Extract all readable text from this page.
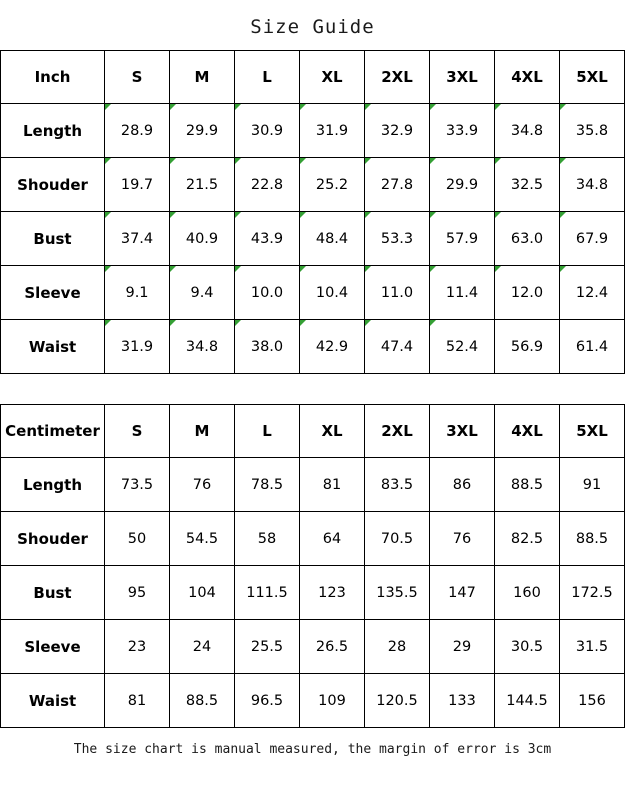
Size Guide
Inch	S	M	L	XL	2XL	3XL	4XL	5XL
Length	28.9	29.9	30.9	31.9	32.9	33.9	34.8	35.8
Shouder	19.7	21.5	22.8	25.2	27.8	29.9	32.5	34.8
Bust	37.4	40.9	43.9	48.4	53.3	57.9	63.0	67.9
Sleeve	9.1	9.4	10.0	10.4	11.0	11.4	12.0	12.4
Waist	31.9	34.8	38.0	42.9	47.4	52.4	56.9	61.4
Centimeter	S	M	L	XL	2XL	3XL	4XL	5XL
Length	73.5	76	78.5	81	83.5	86	88.5	91
Shouder	50	54.5	58	64	70.5	76	82.5	88.5
Bust	95	104	111.5	123	135.5	147	160	172.5
Sleeve	23	24	25.5	26.5	28	29	30.5	31.5
Waist	81	88.5	96.5	109	120.5	133	144.5	156
The size chart is manual measured, the margin of error is 3cm
